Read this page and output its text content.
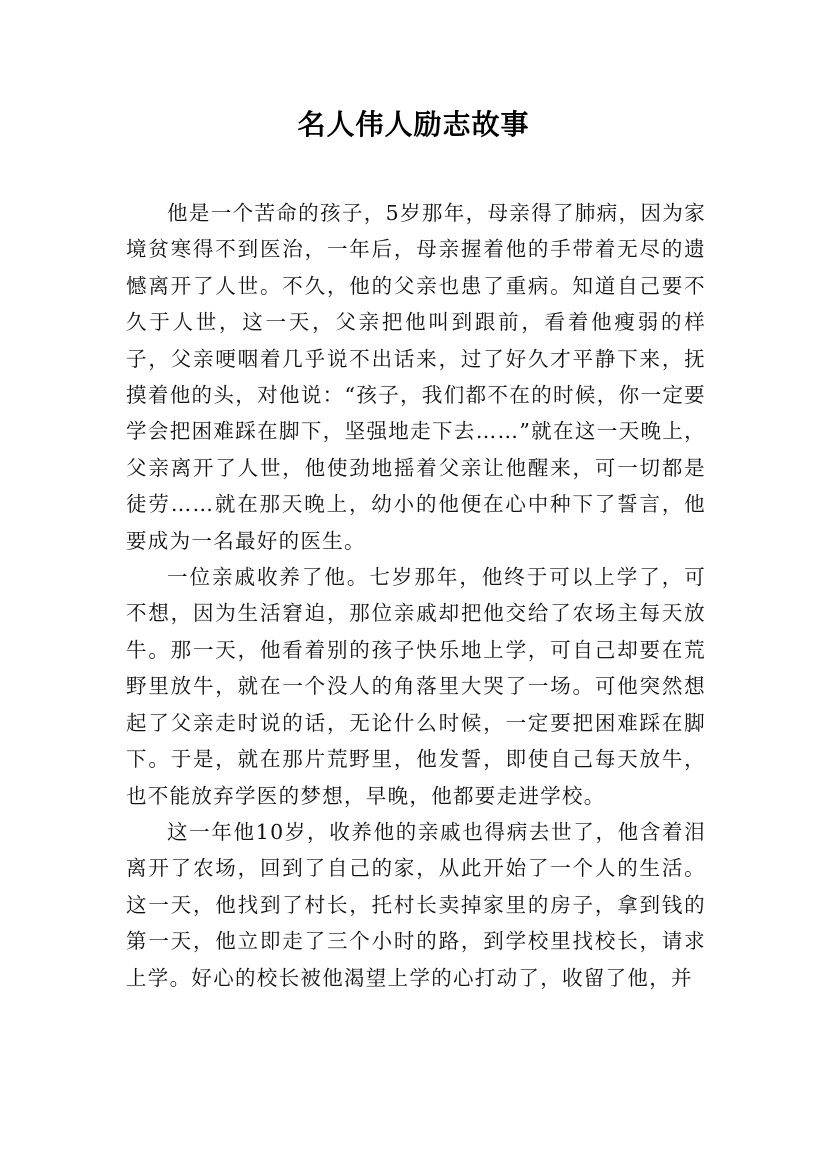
名人伟人励志故事

他是一个苦命的孩子，5岁那年，母亲得了肺病，因为家境贫寒得不到医治，一年后，母亲握着他的手带着无尽的遗憾离开了人世。不久，他的父亲也患了重病。知道自己要不久于人世，这一天，父亲把他叫到跟前，看着他瘦弱的样子，父亲哽咽着几乎说不出话来，过了好久才平静下来，抚摸着他的头，对他说：“孩子，我们都不在的时候，你一定要学会把困难踩在脚下，坚强地走下去……”就在这一天晚上，父亲离开了人世，他使劲地摇着父亲让他醒来，可一切都是徒劳……就在那天晚上，幼小的他便在心中种下了誓言，他要成为一名最好的医生。

一位亲戚收养了他。七岁那年，他终于可以上学了，可不想，因为生活窘迫，那位亲戚却把他交给了农场主每天放牛。那一天，他看着别的孩子快乐地上学，可自己却要在荒野里放牛，就在一个没人的角落里大哭了一场。可他突然想起了父亲走时说的话，无论什么时候，一定要把困难踩在脚下。于是，就在那片荒野里，他发誓，即使自己每天放牛，也不能放弃学医的梦想，早晚，他都要走进学校。

这一年他10岁，收养他的亲戚也得病去世了，他含着泪离开了农场，回到了自己的家，从此开始了一个人的生活。这一天，他找到了村长，托村长卖掉家里的房子，拿到钱的第一天，他立即走了三个小时的路，到学校里找校长，请求上学。好心的校长被他渴望上学的心打动了，收留了他，并
